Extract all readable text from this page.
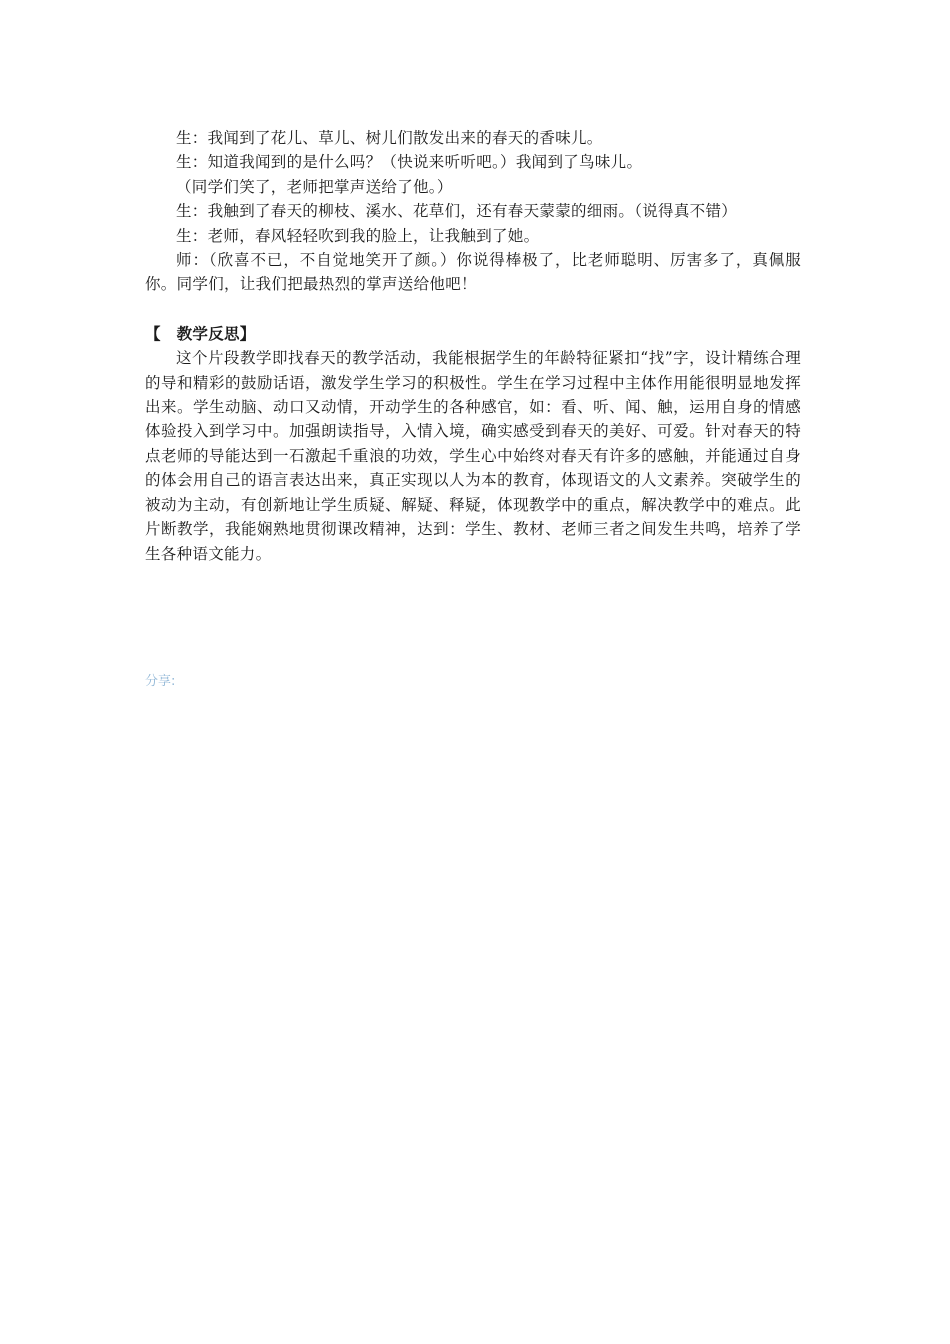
生：我闻到了花儿、草儿、树儿们散发出来的春天的香味儿。

生：知道我闻到的是什么吗？（快说来听听吧。）我闻到了鸟味儿。

（同学们笑了，老师把掌声送给了他。）

生：我触到了春天的柳枝、溪水、花草们，还有春天蒙蒙的细雨。（说得真不错）

生：老师，春风轻轻吹到我的脸上，让我触到了她。

师：（欣喜不已，不自觉地笑开了颜。）你说得棒极了，比老师聪明、厉害多了，真佩服你。同学们，让我们把最热烈的掌声送给他吧！

【　教学反思】

这个片段教学即找春天的教学活动，我能根据学生的年龄特征紧扣“找”字，设计精练合理的导和精彩的鼓励话语，激发学生学习的积极性。学生在学习过程中主体作用能很明显地发挥出来。学生动脑、动口又动情，开动学生的各种感官，如：看、听、闻、触，运用自身的情感体验投入到学习中。加强朗读指导，入情入境，确实感受到春天的美好、可爱。针对春天的特点老师的导能达到一石激起千重浪的功效，学生心中始终对春天有许多的感触，并能通过自身的体会用自己的语言表达出来，真正实现以人为本的教育，体现语文的人文素养。突破学生的被动为主动，有创新地让学生质疑、解疑、释疑，体现教学中的重点，解决教学中的难点。此片断教学，我能娴熟地贯彻课改精神，达到：学生、教材、老师三者之间发生共鸣，培养了学生各种语文能力。

分享:
